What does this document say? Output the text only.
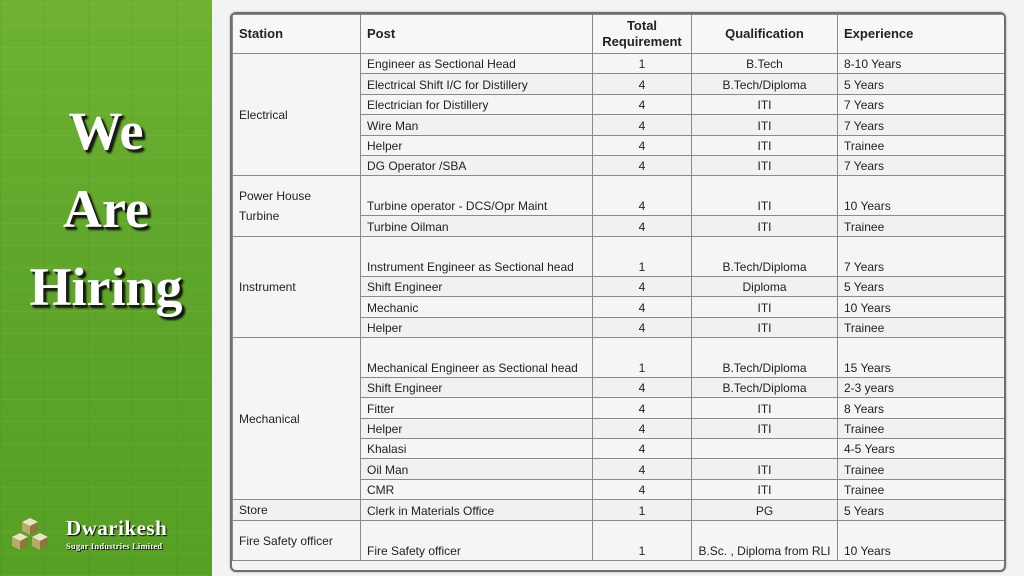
We
Are
Hiring
Dwarikesh
Sugar Industries Limited
Station	Post	Total Requirement	Qualification	Experience
Electrical	Engineer as Sectional Head	1	B.Tech	8-10 Years
	Electrical Shift I/C for Distillery	4	B.Tech/Diploma	5 Years
	Electrician for Distillery	4	ITI	7 Years
	Wire Man	4	ITI	7 Years
	Helper	4	ITI	Trainee
	DG Operator /SBA	4	ITI	7 Years
Power House Turbine	Turbine operator - DCS/Opr Maint	4	ITI	10 Years
	Turbine Oilman	4	ITI	Trainee
Instrument	Instrument Engineer as Sectional head	1	B.Tech/Diploma	7 Years
	Shift Engineer	4	Diploma	5 Years
	Mechanic	4	ITI	10 Years
	Helper	4	ITI	Trainee
Mechanical	Mechanical Engineer as Sectional head	1	B.Tech/Diploma	15 Years
	Shift Engineer	4	B.Tech/Diploma	2-3 years
	Fitter	4	ITI	8 Years
	Helper	4	ITI	Trainee
	Khalasi	4		4-5 Years
	Oil Man	4	ITI	Trainee
	CMR	4	ITI	Trainee
Store	Clerk in Materials Office	1	PG	5 Years
Fire Safety officer	Fire Safety officer	1	B.Sc. , Diploma from RLI	10 Years
